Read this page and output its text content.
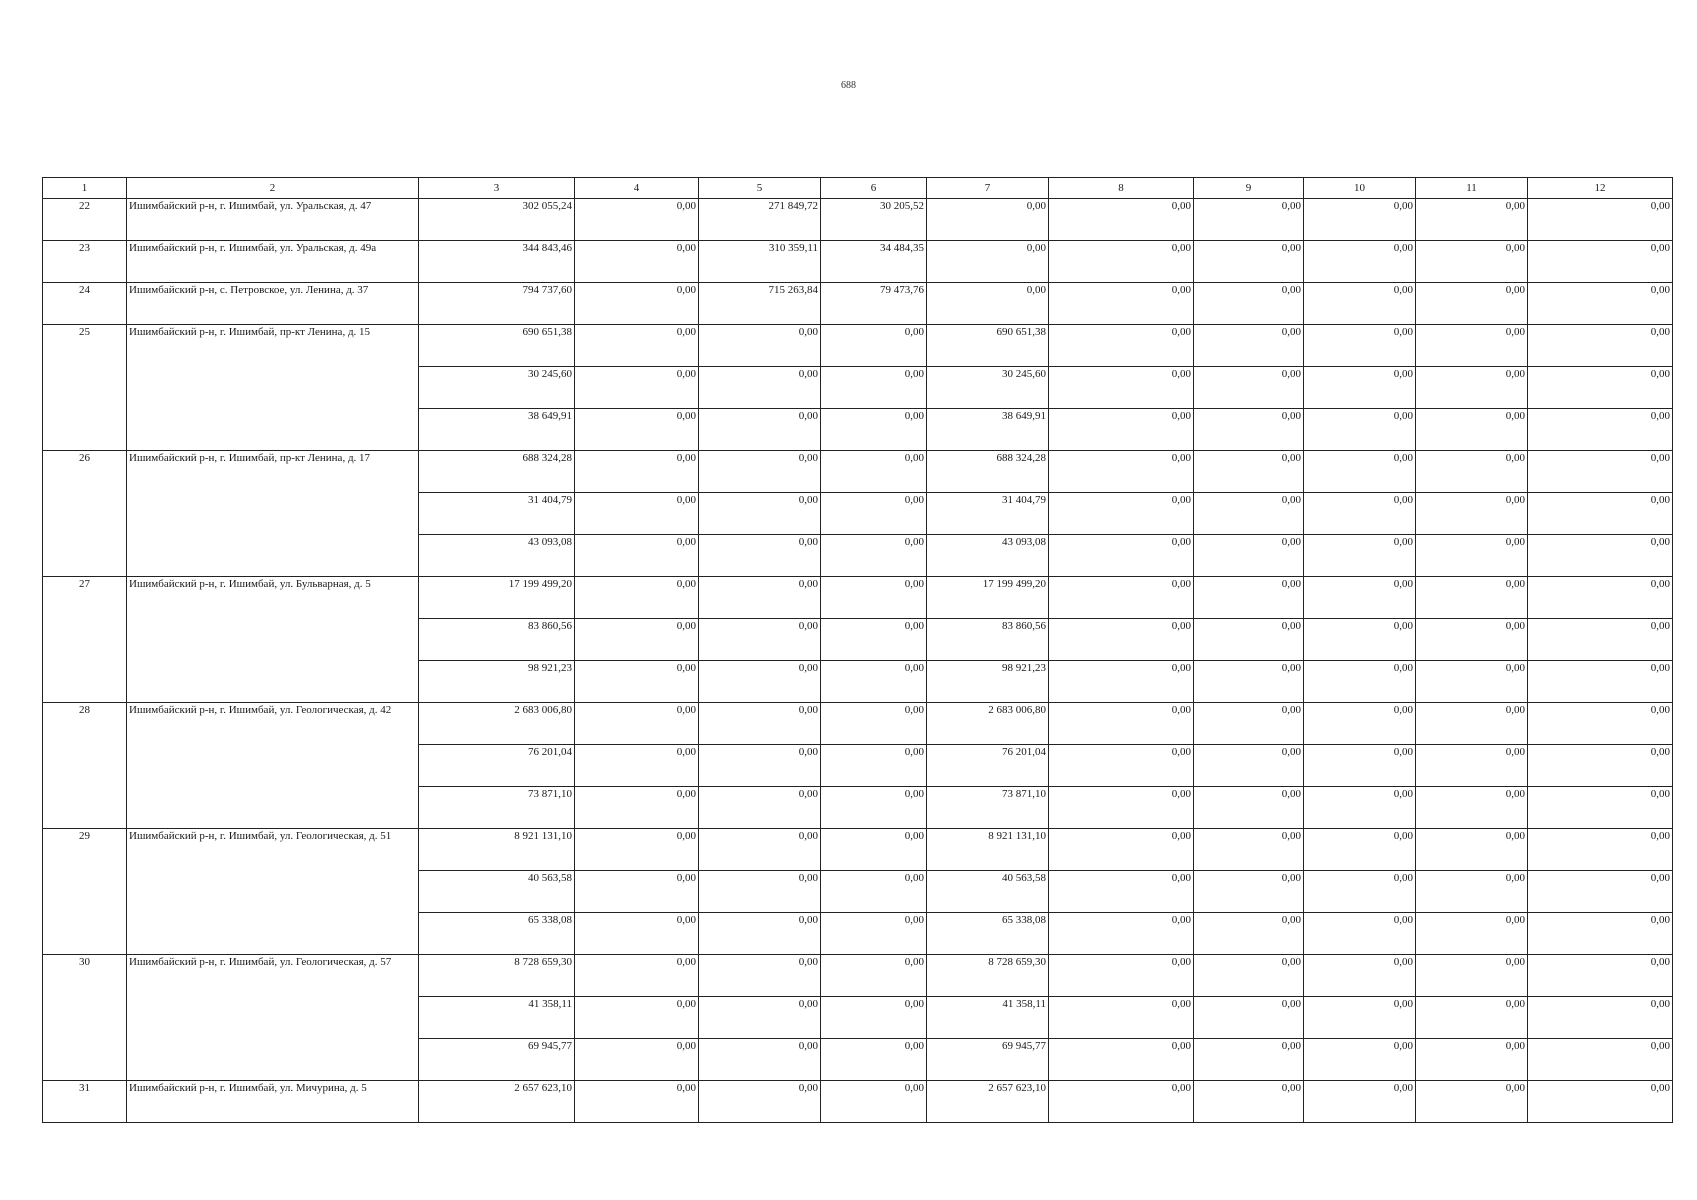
688
1	2	3	4	5	6	7	8	9	10	11	12
22	Ишимбайский р-н, г. Ишимбай, ул. Уральская, д. 47	302 055,24	0,00	271 849,72	30 205,52	0,00	0,00	0,00	0,00	0,00	0,00
23	Ишимбайский р-н, г. Ишимбай, ул. Уральская, д. 49а	344 843,46	0,00	310 359,11	34 484,35	0,00	0,00	0,00	0,00	0,00	0,00
24	Ишимбайский р-н, с. Петровское, ул. Ленина, д. 37	794 737,60	0,00	715 263,84	79 473,76	0,00	0,00	0,00	0,00	0,00	0,00
25	Ишимбайский р-н, г. Ишимбай, пр-кт Ленина, д. 15	690 651,38	0,00	0,00	0,00	690 651,38	0,00	0,00	0,00	0,00	0,00
		30 245,60	0,00	0,00	0,00	30 245,60	0,00	0,00	0,00	0,00	0,00
		38 649,91	0,00	0,00	0,00	38 649,91	0,00	0,00	0,00	0,00	0,00
26	Ишимбайский р-н, г. Ишимбай, пр-кт Ленина, д. 17	688 324,28	0,00	0,00	0,00	688 324,28	0,00	0,00	0,00	0,00	0,00
		31 404,79	0,00	0,00	0,00	31 404,79	0,00	0,00	0,00	0,00	0,00
		43 093,08	0,00	0,00	0,00	43 093,08	0,00	0,00	0,00	0,00	0,00
27	Ишимбайский р-н, г. Ишимбай, ул. Бульварная, д. 5	17 199 499,20	0,00	0,00	0,00	17 199 499,20	0,00	0,00	0,00	0,00	0,00
		83 860,56	0,00	0,00	0,00	83 860,56	0,00	0,00	0,00	0,00	0,00
		98 921,23	0,00	0,00	0,00	98 921,23	0,00	0,00	0,00	0,00	0,00
28	Ишимбайский р-н, г. Ишимбай, ул. Геологическая, д. 42	2 683 006,80	0,00	0,00	0,00	2 683 006,80	0,00	0,00	0,00	0,00	0,00
		76 201,04	0,00	0,00	0,00	76 201,04	0,00	0,00	0,00	0,00	0,00
		73 871,10	0,00	0,00	0,00	73 871,10	0,00	0,00	0,00	0,00	0,00
29	Ишимбайский р-н, г. Ишимбай, ул. Геологическая, д. 51	8 921 131,10	0,00	0,00	0,00	8 921 131,10	0,00	0,00	0,00	0,00	0,00
		40 563,58	0,00	0,00	0,00	40 563,58	0,00	0,00	0,00	0,00	0,00
		65 338,08	0,00	0,00	0,00	65 338,08	0,00	0,00	0,00	0,00	0,00
30	Ишимбайский р-н, г. Ишимбай, ул. Геологическая, д. 57	8 728 659,30	0,00	0,00	0,00	8 728 659,30	0,00	0,00	0,00	0,00	0,00
		41 358,11	0,00	0,00	0,00	41 358,11	0,00	0,00	0,00	0,00	0,00
		69 945,77	0,00	0,00	0,00	69 945,77	0,00	0,00	0,00	0,00	0,00
31	Ишимбайский р-н, г. Ишимбай, ул. Мичурина, д. 5	2 657 623,10	0,00	0,00	0,00	2 657 623,10	0,00	0,00	0,00	0,00	0,00
